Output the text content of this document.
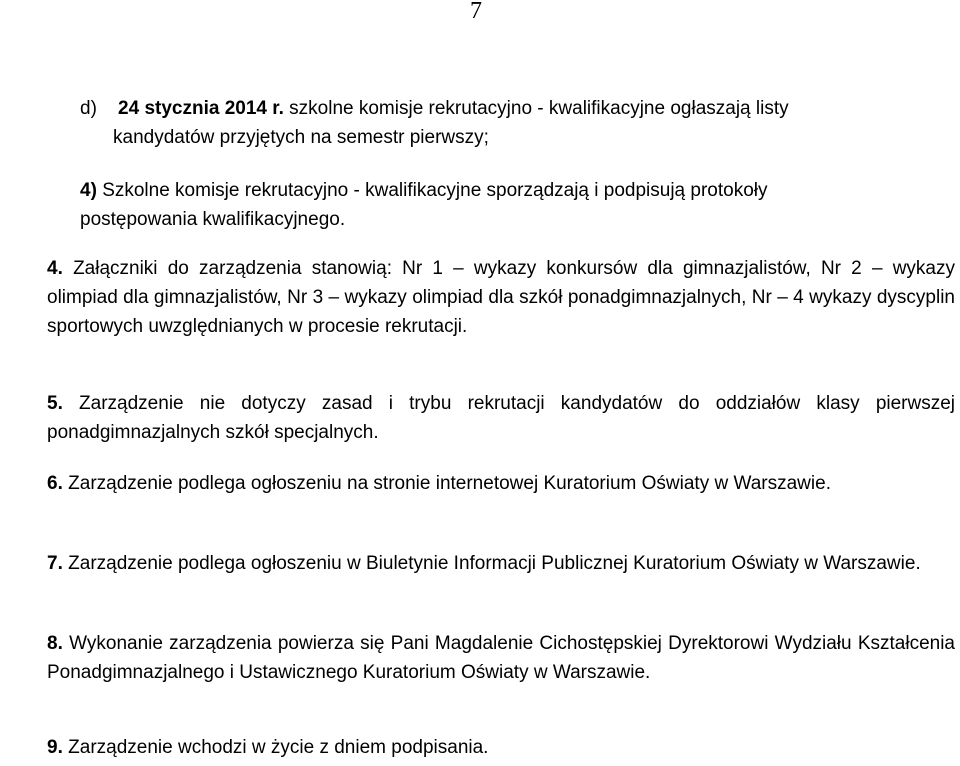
7
d) 24 stycznia 2014 r. szkolne komisje rekrutacyjno - kwalifikacyjne ogłaszają listy
kandydatów przyjętych na semestr pierwszy;
4) Szkolne komisje rekrutacyjno - kwalifikacyjne sporządzają i podpisują protokoły
postępowania kwalifikacyjnego.
4. Załączniki do zarządzenia stanowią: Nr 1 – wykazy konkursów dla gimnazjalistów, Nr 2 – wykazy olimpiad dla gimnazjalistów, Nr 3 – wykazy olimpiad dla szkół ponadgimnazjalnych, Nr – 4 wykazy dyscyplin sportowych uwzględnianych w procesie rekrutacji.
5. Zarządzenie nie dotyczy zasad i trybu rekrutacji kandydatów do oddziałów klasy pierwszej ponadgimnazjalnych szkół specjalnych.
6. Zarządzenie podlega ogłoszeniu na stronie internetowej Kuratorium Oświaty w Warszawie.
7. Zarządzenie podlega ogłoszeniu w Biuletynie Informacji Publicznej Kuratorium Oświaty w Warszawie.
8. Wykonanie zarządzenia powierza się Pani Magdalenie Cichostępskiej Dyrektorowi Wydziału Kształcenia Ponadgimnazjalnego i Ustawicznego Kuratorium Oświaty w Warszawie.
9. Zarządzenie wchodzi w życie z dniem podpisania.
